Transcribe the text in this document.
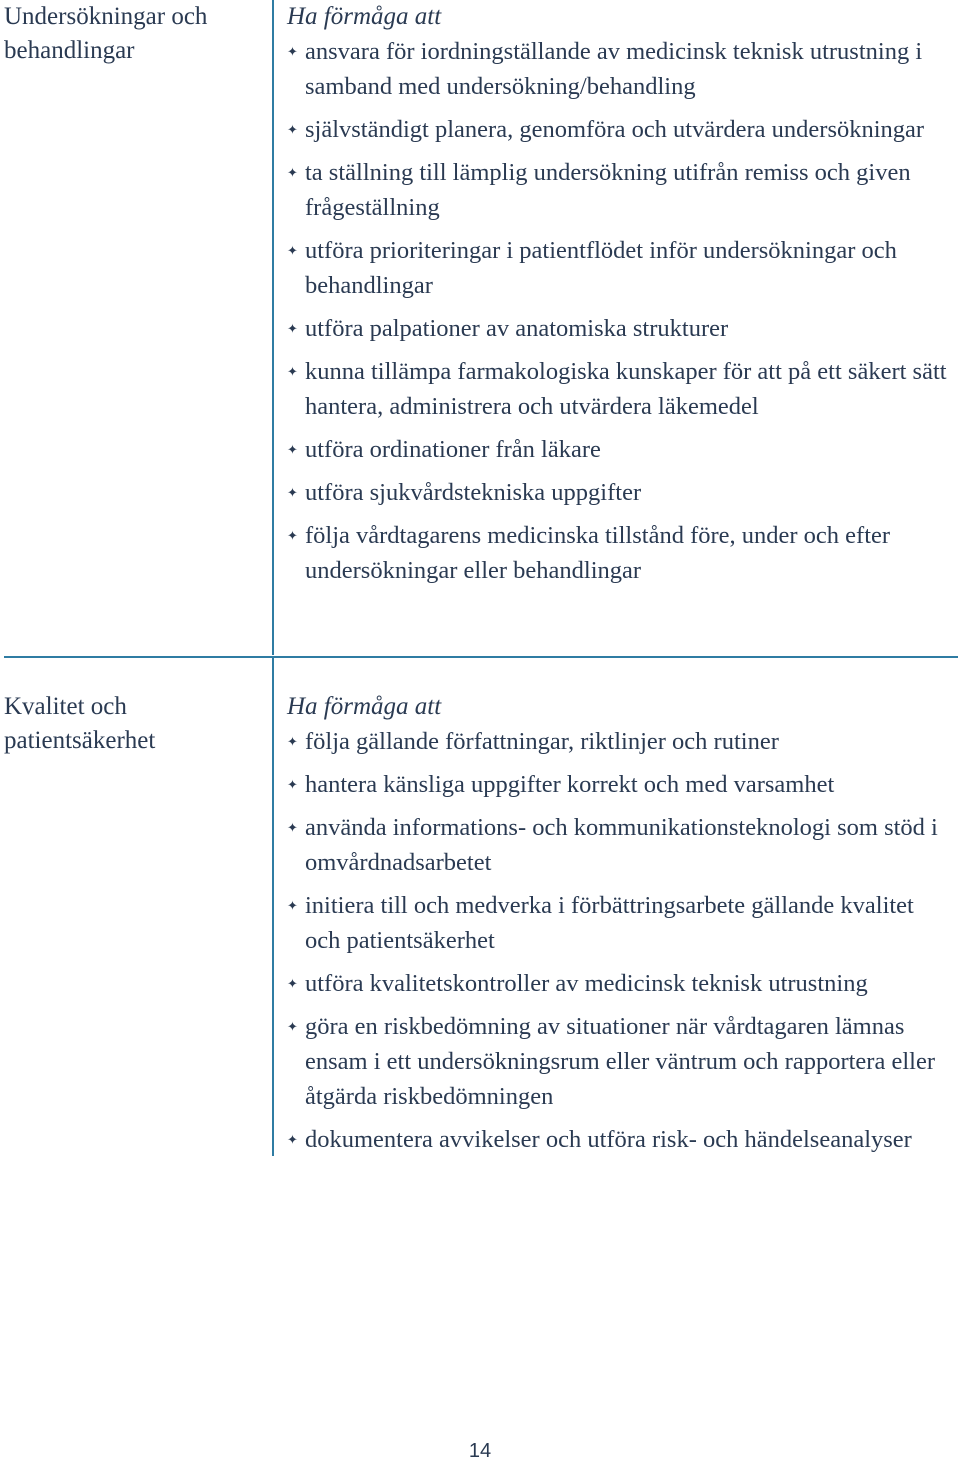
Undersökningar och
behandlingar

Ha förmåga att

✦ ansvara för iordningställande av medicinsk teknisk utrustning i samband med undersökning/behandling
✦ självständigt planera, genomföra och utvärdera undersökningar
✦ ta ställning till lämplig undersökning utifrån remiss och given frågeställning
✦ utföra prioriteringar i patientflödet inför undersökningar och behandlingar
✦ utföra palpationer av anatomiska strukturer
✦ kunna tillämpa farmakologiska kunskaper för att på ett säkert sätt hantera, administrera och utvärdera läkemedel
✦ utföra ordinationer från läkare
✦ utföra sjukvårdstekniska uppgifter
✦ följa vårdtagarens medicinska tillstånd före, under och efter undersökningar eller behandlingar
Kvalitet och
patientsäkerhet

Ha förmåga att

✦ följa gällande författningar, riktlinjer och rutiner
✦ hantera känsliga uppgifter korrekt och med varsamhet
✦ använda informations- och kommunikationsteknologi som stöd i omvårdnadsarbetet
✦ initiera till och medverka i förbättringsarbete gällande kvalitet och patientsäkerhet
✦ utföra kvalitetskontroller av medicinsk teknisk utrustning
✦ göra en riskbedömning av situationer när vårdtagaren lämnas ensam i ett undersökningsrum eller väntrum och rapportera eller åtgärda riskbedömningen
✦ dokumentera avvikelser och utföra risk- och händelseanalyser
14
